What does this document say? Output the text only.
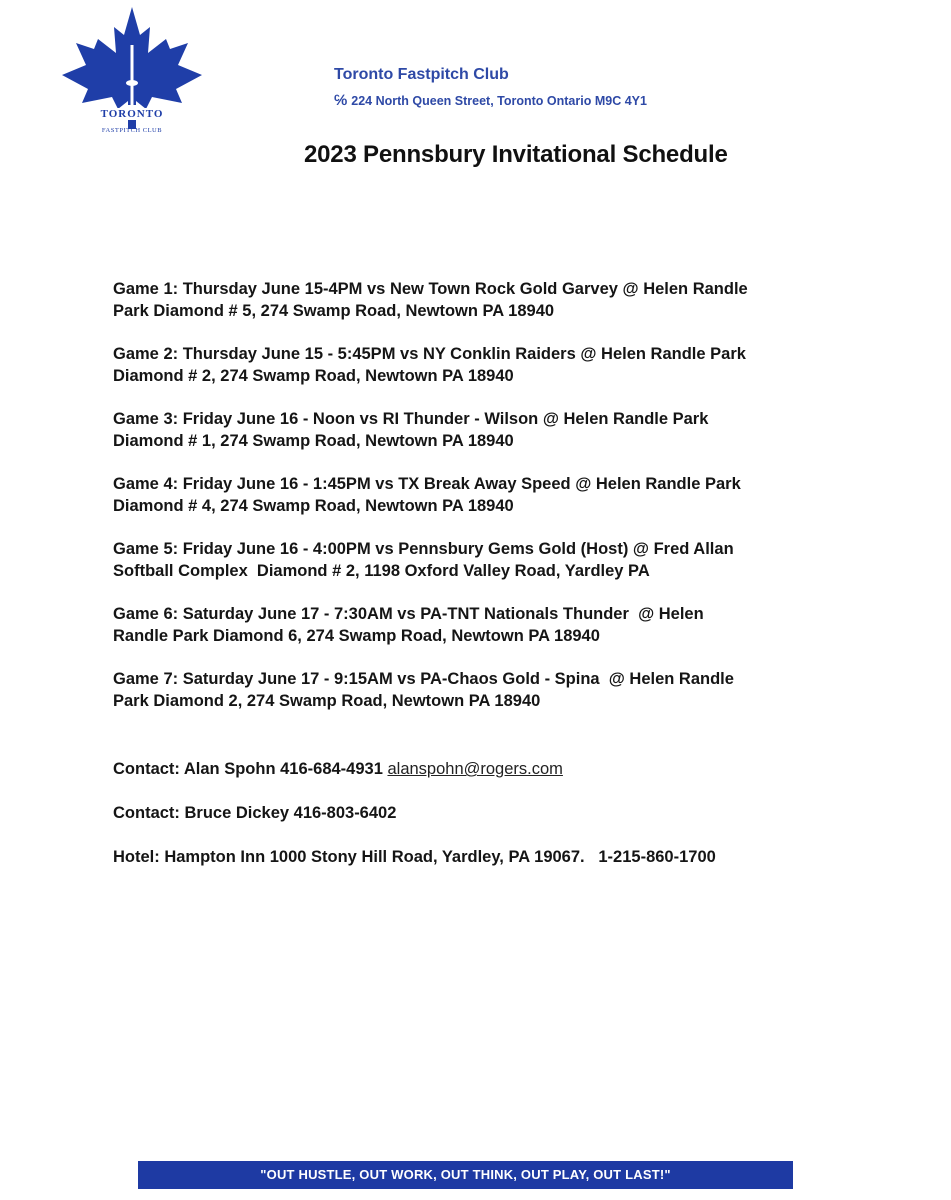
TORONTO
FASTPITCH CLUB
Toronto Fastpitch Club
℅ 224 North Queen Street, Toronto Ontario M9C 4Y1
2023 Pennsbury Invitational Schedule
Game 1: Thursday June 15-4PM vs New Town Rock Gold Garvey @ Helen Randle
Park Diamond # 5, 274 Swamp Road, Newtown PA 18940
Game 2: Thursday June 15 - 5:45PM vs NY Conklin Raiders @ Helen Randle Park
Diamond # 2, 274 Swamp Road, Newtown PA 18940
Game 3: Friday June 16 - Noon vs RI Thunder - Wilson @ Helen Randle Park
Diamond # 1, 274 Swamp Road, Newtown PA 18940
Game 4: Friday June 16 - 1:45PM vs TX Break Away Speed @ Helen Randle Park
Diamond # 4, 274 Swamp Road, Newtown PA 18940
Game 5: Friday June 16 - 4:00PM vs Pennsbury Gems Gold (Host) @ Fred Allan
Softball Complex  Diamond # 2, 1198 Oxford Valley Road, Yardley PA
Game 6: Saturday June 17 - 7:30AM vs PA-TNT Nationals Thunder  @ Helen
Randle Park Diamond 6, 274 Swamp Road, Newtown PA 18940
Game 7: Saturday June 17 - 9:15AM vs PA-Chaos Gold - Spina  @ Helen Randle
Park Diamond 2, 274 Swamp Road, Newtown PA 18940
Contact: Alan Spohn 416-684-4931 alanspohn@rogers.com
Contact: Bruce Dickey 416-803-6402
Hotel: Hampton Inn 1000 Stony Hill Road, Yardley, PA 19067. 1-215-860-1700
"OUT HUSTLE, OUT WORK, OUT THINK, OUT PLAY, OUT LAST!"
